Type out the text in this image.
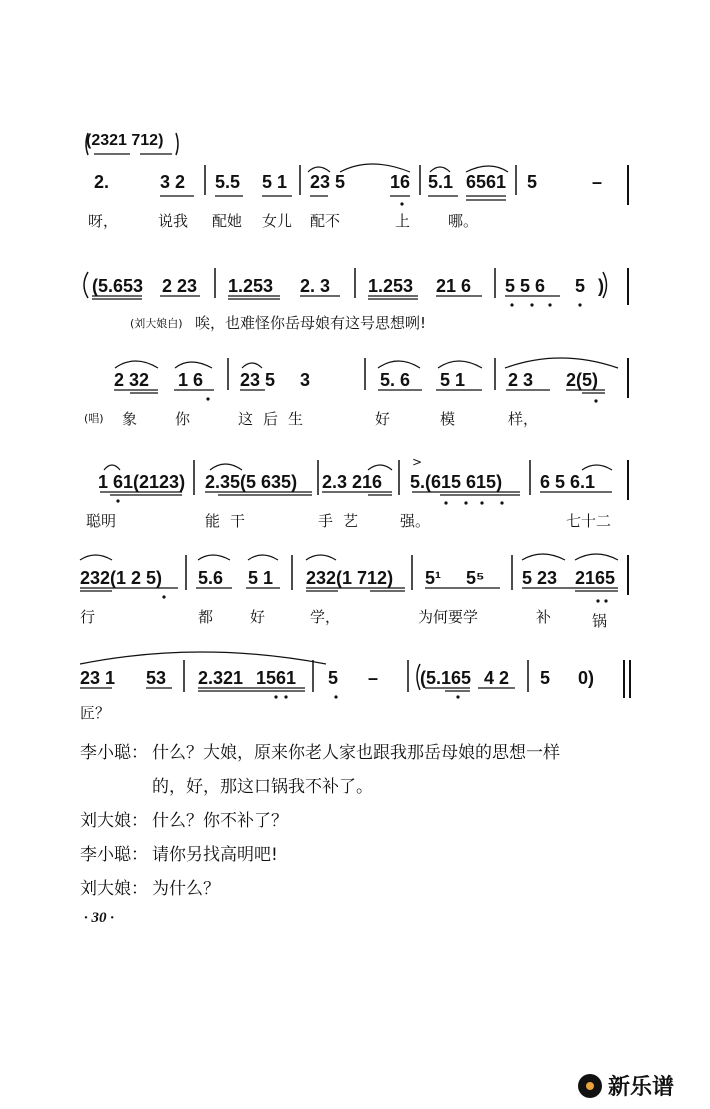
>
(2321 712)
2.	3 2 5.5 5 1 23 5 16 5.1 6561 5	–
呀，	说我 配她 女儿 配不	上	哪。
(5.653 2 23 1.253 2. 3 1.253 21 6 5 5 6 5 )
(刘大娘白) 唉，也难怪你岳母娘有这号思想咧!
2 32 1 6 23 5 3	5. 6 5 1 2 3 2(5)
(唱) 象	你	这后生	好	模	样，
1 61(2123) 2.35(5 635) 2.3 216 5.(615 615) 6 5 6.1
聪明	能干	手艺 强。	七十二
232(1 2 5) 5.6 5 1 232(1 712) 5¹ 5⁵ 5 23 2165
行	都 好	学，	为何要学	补	锅
23 1 53 2.321 1561 5 – (5.165 4 2 5 0)
匠？
李小聪： 什么？大娘，原来你老人家也跟我那岳母娘的思想一样
的，好，那这口锅我不补了。
刘大娘： 什么？你不补了？
李小聪： 请你另找高明吧!
刘大娘： 为什么？
· 30 ·
新乐谱
